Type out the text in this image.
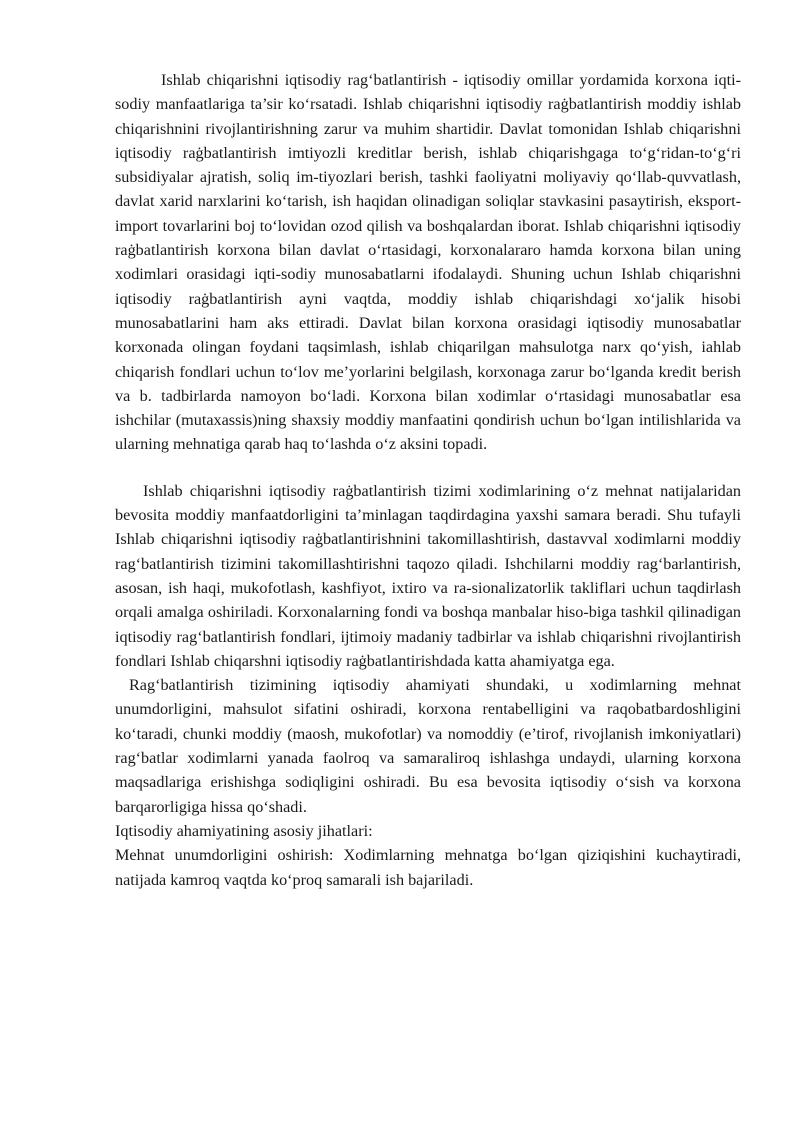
Ishlab chiqarishni iqtisodiy rag‘batlantirish - iqtisodiy omillar yordamida korxona iqti-sodiy manfaatlariga ta’sir ko‘rsatadi. Ishlab chiqarishni iqtisodiy raġbatlantirish moddiy ishlab chiqarishnini rivojlantirishning zarur va muhim shartidir. Davlat tomonidan Ishlab chiqarishni iqtisodiy raġbatlantirish imtiyozli kreditlar berish, ishlab chiqarishgaga to‘g‘ridan-to‘g‘ri subsidiyalar ajratish, soliq im-tiyozlari berish, tashki faoliyatni moliyaviy qo‘llab-quvvatlash, davlat xarid narxlarini ko‘tarish, ish haqidan olinadigan soliqlar stavkasini pasaytirish, eksport-import tovarlarini boj to‘lovidan ozod qilish va boshqalardan iborat. Ishlab chiqarishni iqtisodiy raġbatlantirish korxona bilan davlat o‘rtasidagi, korxonalararo hamda korxona bilan uning xodimlari orasidagi iqti-sodiy munosabatlarni ifodalaydi. Shuning uchun Ishlab chiqarishni iqtisodiy raġbatlantirish ayni vaqtda, moddiy ishlab chiqarishdagi xo‘jalik hisobi munosabatlarini ham aks ettiradi. Davlat bilan korxona orasidagi iqtisodiy munosabatlar korxonada olingan foydani taqsimlash, ishlab chiqarilgan mahsulotga narx qo‘yish, iahlab chiqarish fondlari uchun to‘lov me’yorlarini belgilash, korxonaga zarur bo‘lganda kredit berish va b. tadbirlarda namoyon bo‘ladi. Korxona bilan xodimlar o‘rtasidagi munosabatlar esa ishchilar (mutaxassis)ning shaxsiy moddiy manfaatini qondirish uchun bo‘lgan intilishlarida va ularning mehnatiga qarab haq to‘lashda o‘z aksini topadi.

Ishlab chiqarishni iqtisodiy raġbatlantirish tizimi xodimlarining o‘z mehnat natijalaridan bevosita moddiy manfaatdorligini ta’minlagan taqdirdagina yaxshi samara beradi. Shu tufayli Ishlab chiqarishni iqtisodiy raġbatlantirishnini takomillashtirish, dastavval xodimlarni moddiy rag‘batlantirish tizimini takomillashtirishni taqozo qiladi. Ishchilarni moddiy rag‘barlantirish, asosan, ish haqi, mukofotlash, kashfiyot, ixtiro va ra-sionalizatorlik takliflari uchun taqdirlash orqali amalga oshiriladi. Korxonalarning fondi va boshqa manbalar hiso-biga tashkil qilinadigan iqtisodiy rag‘batlantirish fondlari, ijtimoiy madaniy tadbirlar va ishlab chiqarishni rivojlantirish fondlari Ishlab chiqarshni iqtisodiy raġbatlantirishdada katta ahamiyatga ega.

Rag‘batlantirish tizimining iqtisodiy ahamiyati shundaki, u xodimlarning mehnat unumdorligini, mahsulot sifatini oshiradi, korxona rentabelligini va raqobatbardoshligini ko‘taradi, chunki moddiy (maosh, mukofotlar) va nomoddiy (e’tirof, rivojlanish imkoniyatlari) rag‘batlar xodimlarni yanada faolroq va samaraliroq ishlashga undaydi, ularning korxona maqsadlariga erishishga sodiqligini oshiradi. Bu esa bevosita iqtisodiy o‘sish va korxona barqarorligiga hissa qo‘shadi.

Iqtisodiy ahamiyatining asosiy jihatlari:

Mehnat unumdorligini oshirish: Xodimlarning mehnatga bo‘lgan qiziqishini kuchaytiradi, natijada kamroq vaqtda ko‘proq samarali ish bajariladi.
